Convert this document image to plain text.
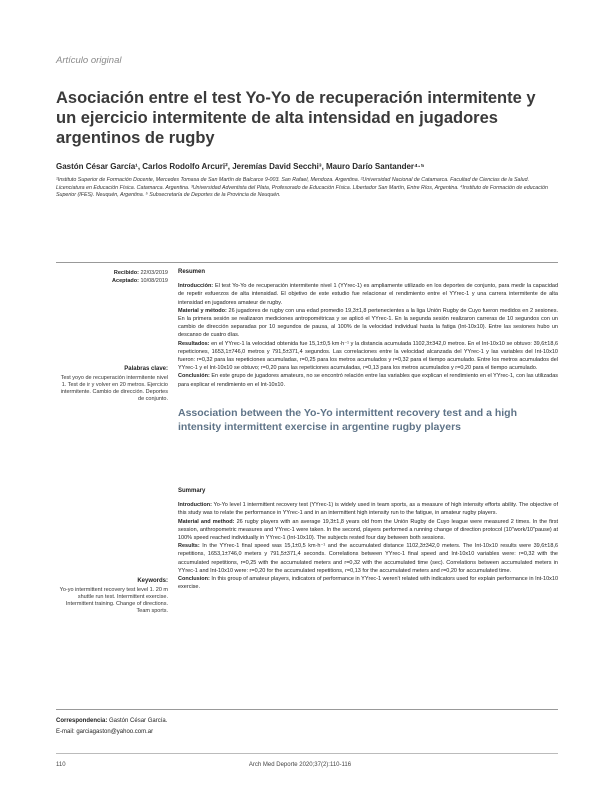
Artículo original
Asociación entre el test Yo-Yo de recuperación intermitente y un ejercicio intermitente de alta intensidad en jugadores argentinos de rugby
Gastón César García¹, Carlos Rodolfo Arcuri², Jeremías David Secchi³, Mauro Darío Santander⁴·⁵
¹Instituto Superior de Formación Docente, Mercedes Tomasa de San Martín de Balcarce 9-003. San Rafael, Mendoza. Argentina. ²Universidad Nacional de Catamarca. Facultad de Ciencias de la Salud. Licenciatura en Educación Física. Catamarca. Argentina. ³Universidad Adventista del Plata, Profesorado de Educación Física. Libertador San Martín, Entre Ríos, Argentina. ⁴Instituto de Formación de educación Superior (IFES). Neuquén, Argentina. ⁵ Subsecretaría de Deportes de la Provincia de Neuquén.
Recibido: 22/03/2019
Aceptado: 10/08/2019
Palabras clave:
Test yoyo de recuperación intermitente nivel 1. Test de ir y volver en 20 metros. Ejercicio intermitente. Cambio de dirección. Deportes de conjunto.
Resumen

Introducción: El test Yo-Yo de recuperación intermitente nivel 1 (YYrec-1) es ampliamente utilizado en los deportes de conjunto, para medir la capacidad de repetir esfuerzos de alta intensidad. El objetivo de este estudio fue relacionar el rendimiento entre el YYrec-1 y una carrera intermitente de alta intensidad en jugadores amateur de rugby.

Material y método: 26 jugadores de rugby con una edad promedio 19,3±1,8 pertenecientes a la liga Unión Rugby de Cuyo fueron medidos en 2 sesiones. En la primera sesión se realizaron mediciones antropométricas y se aplicó el YYrec-1. En la segunda sesión realizaron carreras de 10 segundos con un cambio de dirección separadas por 10 segundos de pausa, al 100% de la velocidad individual hasta la fatiga (Int-10x10). Entre las sesiones hubo un descanso de cuatro días.

Resultados: en el YYrec-1 la velocidad obtenida fue 15,1±0,5 km·h⁻¹ y la distancia acumulada 1102,3±342,0 metros. En el Int-10x10 se obtuvo: 39,6±18,6 repeticiones, 1653,1±746,0 metros y 791,5±371,4 segundos. Las correlaciones entre la velocidad alcanzada del YYrec-1 y las variables del Int-10x10 fueron: r=0,32 para las repeticiones acumuladas, r=0,25 para los metros acumulados y r=0,32 para el tiempo acumulado. Entre los metros acumulados del YYrec-1 y el Int-10x10 se obtuvo; r=0,20 para las repeticiones acumuladas, r=0,13 para los metros acumulados y r=0,20 para el tiempo acumulado.

Conclusión: En este grupo de jugadores amateurs, no se encontró relación entre las variables que explican el rendimiento en el YYrec-1, con las utilizadas para explicar el rendimiento en el Int-10x10.

Association between the Yo-Yo intermittent recovery test and a high intensity intermittent exercise in argentine rugby players
Summary

Introduction: Yo-Yo level 1 intermittent recovery test (YYrec-1) is widely used in team sports, as a measure of high intensity efforts ability. The objective of this study was to relate the performance in YYrec-1 and in an intermittent high intensity run to the fatigue, in amateur rugby players.

Material and method: 26 rugby players with an average 19,3±1,8 years old from the Unión Rugby de Cuyo league were measured 2 times. In the first session, anthropometric measures and YYrec-1 were taken. In the second, players performed a running change of direction protocol (10"work/10"pause) at 100% speed reached individually in YYrec-1 (Int-10x10). The subjects rested four day between both sessions.

Results: In the YYrec-1 final speed was 15,1±0,5 km·h⁻¹ and the accumulated distance 1102,3±342,0 meters. The Int-10x10 results were 39,6±18,6 repetitions, 1653,1±746,0 meters y 791,5±371,4 seconds. Correlations between YYrec-1 final speed and Int-10x10 variables were: r=0,32 with the accumulated repetitions, r=0,25 with the accumulated meters and r=0,32 with the accumulated time (sec). Correlations between accumulated meters in YYrec-1 and Int-10x10 were: r=0,20 for the accumulated repetitions, r=0,13 for the accumulated meters and r=0,20 for accumulated time.

Conclusion: In this group of amateur players, indicators of performance in YYrec-1 weren't related with indicators used for explain performance in Int-10x10 exercise.

Keywords:
Yo-yo intermittent recovery test level 1. 20 m shuttle run test. Intermittent exercise. Intermittent training. Change of directions. Team sports.
Correspondencia: Gastón César García.
E-mail: garciagaston@yahoo.com.ar
110	Arch Med Deporte 2020;37(2):110-116
